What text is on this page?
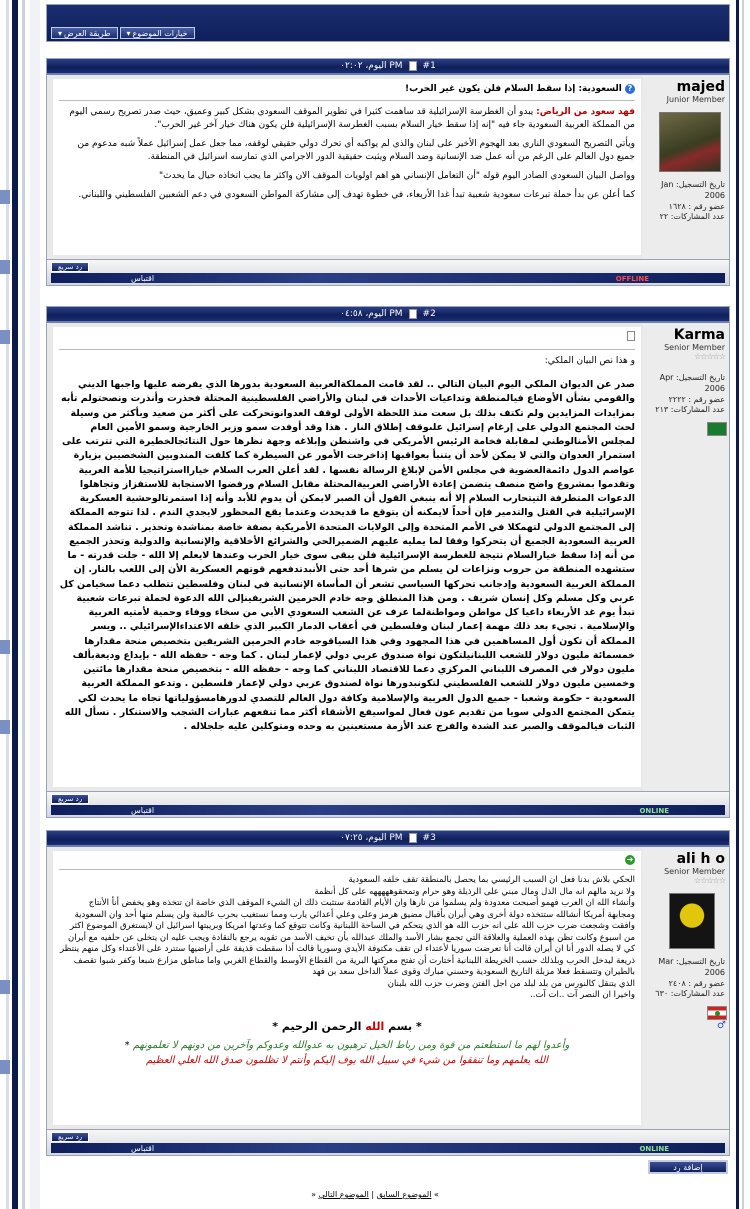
▾ طريقة العرض ▾ خيارات الموضوع
اليوم، ٠٢:٠٢ PM #1
? السعودية: إذا سقط السلام فلن يكون غير الحرب!
فهد سعود من الرياض: يبدو أن الغطرسة الإسرائيلية قد ساهمت كثيرا في تطوير الموقف السعودي بشكل كبير وعميق، حيث صدر تصريح رسمي اليوم من المملكة العربية السعودية جاء فيه "إنه إذا سقط خيار السلام بسبب الغطرسة الإسرائيلية فلن يكون هناك خيار آخر غير الحرب".
ويأتي التصريح السعودي الناري بعد الهجوم الأخير على لبنان والذي لم يواكبه أي تحرك دولي حقيقي لوقفه، مما جعل عمل إسرائيل عملاً شبه مدعوم من جميع دول العالم على الرغم من أنه عمل ضد الإنسانية وضد السلام ويثبت حقيقية الدور الاجرامي الذي تمارسه اسرائيل في المنطقة.
وواصل البيان السعودي الصادر اليوم قوله "أن التعامل الإنساني هو اهم اولويات الموقف الان واكثر ما يجب اتخاذه حيال ما يحدث"
كما أعلن عن بدأ حملة تبرعات سعودية شعبية تبدأ غدا الأربعاء، في خطوة تهدف إلى مشاركة المواطن السعودي في دعم الشعبين الفلسطيني واللبناني.
majed
Junior Member
تاريخ التسجيل: Jan 2006
عضو رقم : ١٦٢٨
عدد المشاركات: ٢٢
رد سريع
اقتباس	OFFLINE
اليوم، ٠٤:٥٨ PM #2
و هذا نص البيان الملكي:
صدر عن الديوان الملكي اليوم البيان التالي .. لقد قامت المملكةالعربية السعودية بدورها الذي يفرضه عليها واجبها الديني والقومي بشأن الأوضاع فيالمنطقة وتداعيات الأحداث في لبنان والأراضي الفلسطينية المحتلة فحذرت وأنذرت ونصحتولم تأبه بمزايدات المزايدين ولم تكتف بذلك بل سعت منذ اللحظة الأولى لوقف العدوانوتحركت على أكثر من صعيد وبأكثر من وسيلة لحث المجتمع الدولي على إرغام إسرائيل علىوقف إطلاق النار . هذا وقد أوفدت سمو وزير الخارجية وسمو الأمين العام لمجلس الأمنالوطني لمقابلة فخامة الرئيس الأمريكي في واشنطن وإبلاغه وجهة نظرها حول النتائجالخطيرة التي تترتب على استمرار العدوان والتي لا يمكن لأحد أن يتنبأ بعواقبها إذاخرجت الأمور عن السيطرة كما كلفت المندوبين الشخصيين بزيارة عواصم الدول دائمةالعضوية في مجلس الأمن لإبلاغ الرسالة نفسها . لقد أعلن العرب السلام خيارااستراتيجيا للأمة العربية وتقدموا بمشروع واضح منصف يتضمن إعادة الأراضي العربيةالمحتلة مقابل السلام ورفضوا الاستجابة للاستفزاز وتجاهلوا الدعوات المتطرفة التيتحارب السلام إلا أنه ينبغي القول أن الصبر لايمكن أن يدوم للأبد وأنه إذا استمرتالوحشية العسكرية الإسرائيلية في القتل والتدمير فإن أحداً لايمكنه أن يتوقع ما قديحدث وعندما يقع المحظور لايجدي الندم . لذا تتوجه المملكة إلى المجتمع الدولي لتهمكلا في الأمم المتحدة وإلى الولايات المتحدة الأمريكية بصفة خاصة بمناشدة وتحذير . تناشد المملكة العربية السعودية الجميع أن يتحركوا وفقا لما يمليه عليهم الضميرالحي والشرائع الأخلاقية والإنسانية والدولية وتحذر الجميع من أنه إذا سقط خيارالسلام نتيجة للغطرسة الإسرائيلية فلن يبقى سوى خيار الحرب وعندها لايعلم إلا الله - جلت قدرته - ما ستشهده المنطقة من حروب ونزاعات لن يسلم من شرها أحد حتى الأنبدتدفعهم قوتهم العسكرية الأن إلى اللعب بالنار. إن المملكة العربية السعودية وإدجانب تحركها السياسي تشعر أن المأساة الإنسانية في لبنان وفلسطين تتطلب دعما سخيامن كل عربي وكل مسلم وكل إنسان شريف . ومن هذا المنطلق وجه خادم الحرمين الشريفينإلى الله الدعوة لحملة تبرعات شعبية تبدأ يوم غد الأربعاء داعيا كل مواطن ومواطنةلما عرف عن الشعب السعودي الأبي من سخاء ووفاء وحمية لأمتيه العربية والإسلامية . تجيء بعد ذلك مهمة إعمار لبنان وفلسطين في أعقاب الدمار الكبير الذي خلفه الاعتداءالإسرائيلي .. ويسر المملكة أن تكون أول المساهمين في هذا المجهود وفي هذا السياقوجه خادم الحرمين الشريفين بتخصيص منحة مقدارها خمسمائة مليون دولار للشعب اللبنانيلتكون نواة صندوق عربي دولي لإعمار لبنان . كما وجه - حفظه الله - بإيداع وديعةبألف مليون دولار في المصرف اللبناني المركزي دعما للاقتصاد اللبناني كما وجه - حفظه الله - بتخصيص منحة مقدارها مائتين وخمسين مليون دولار للشعب الفلسطيني لتكونبدورها نواة لصندوق عربي دولي لإعمار فلسطين . وتدعو المملكة العربية السعودية - حكومة وشعبا - جميع الدول العربية والإسلامية وكافة دول العالم للتصدي لدورهامسؤولياتها تجاه ما يحدث لكي يتمكن المجتمع الدولي سويا من تقديم عون فعال لمواسيفع الأشقاء أكثر مما تنفعهم عبارات الشجب والاستنكار . نسأل الله الثبات فيالموقف والصبر عند الشدة والفرج عند الأزمة مستعينين به وحده ومتوكلين عليه جلجلاله .
Karma
Senior Member
☆☆☆☆☆
تاريخ التسجيل: Apr 2006
عضو رقم : ٢٢٢٢
عدد المشاركات: ٢١٣
رد سريع
اقتباس	ONLINE
اليوم، ٠٧:٢٥ PM #3
➜
الحكي بلاش بدنا فعل ان السبب الرئيسي بما يحصل بالمنطقة تقف خلفه السعودية
ولا نريد مالهم انه مال الذل ومال مبني على الرذيلة وهو حرام وتمحقوهههههه على كل أنظمة
وأنشاء الله ان العرب فهمو أصبحت معدودة ولم يسلموا من نارها وان الأيام القادمة ستثبت ذلك ان الشيء الموقف الذي خاضة ان تتخذه وهو يخفض أنأ الأنتاج ومجابهة أمريكا أنشالله ستتخذه دولة أخرى وهي أيران بأقبال مضيق هرمز وعلى وعلي أعدائي يارب ومما نستغيب بحرب عالمية ولن يسلم منها أحد وان السعودية وافقت وشجعت ضرب حزب الله على انه حزب الله هو الذي يتحكم في الساحة اللبنانية وكانت تتوقع كما وعدتها امريكا وبريبتها اسرائيل ان لايستغرق الموضوع اكثر من اسبوع وكانت تظن بهذه العملية والعلاقة التي تجمع بشار الأسد والملك عبدالله بأن تخيف الأسد من تقويه يرجع بالنقادة ويجب عليه ان يتخلى عن حلفيه مع أيران كي لا يصله الدور أنا ان أيران قالت أنا تعرضت سوريا لأعتداء لن تقف مكتوفة الأيدي وسوريا قالت أذا سقطت قذيفة على أراضيها ستترد على الأعتداء وكل منهم ينتظر ذريعة ليدخل الحرب وبلذلك حسب الخريطة اللبنانية أختارت أن تفتح معركتها البرية من القطاع الأوسط والقطاع الغربي واما مناطق مزارع شبعا وكفر شبوا تقصف بالطيران وتتسقط فعلا مزبلة التاريخ السعودية وحسني مبارك وقوى عملاً الداخل سعد بن فهد
الذي يتنقل كالنورس من بلد لبلد من اجل الفتن وضرب حزب الله بلبنان
واخيرا ان النصر آت ..ات آت..
* بسم الله الرحمن الرحيم *
وأعدوا لهم ما استطعتم من قوة ومن رباط الخيل ترهبون به عدوالله وعدوكم وآخرين من دونهم لا تعلمونهم *
الله يعلمهم وما تنفقوا من شيء في سبيل الله يوف إليكم وأنتم لا تظلمون صدق الله العلي العظيم
ali h o
Senior Member
☆☆☆☆☆
تاريخ التسجيل: Mar 2006
عضو رقم : ٢٤٠٨
عدد المشاركات: ٦٣٠
♂
رد سريع
اقتباس	ONLINE
إضافة رد
» الموضوع السابق | الموضوع التالي «
